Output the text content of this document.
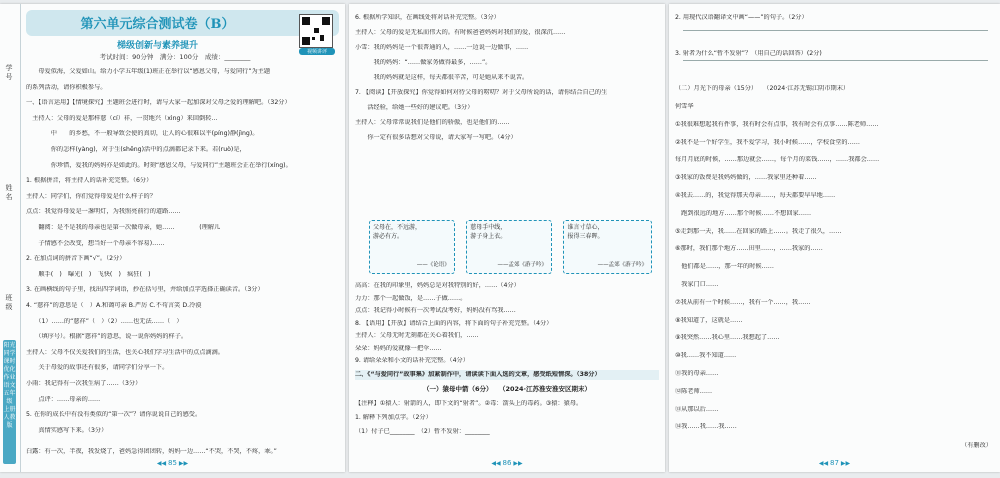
学号
姓名
班级
阳光同学课时优化作业 语文五年级 上册 人教版
第六单元综合测试卷（B）
梯级创新与素养提升
考试时间：90分钟　满分：100分　成绩：________
视频讲评
　　母爱似海，父爱如山。给力小学五年级(1)班正在举行以“感恩父母，与爱同行”为主题
的系列活动，请你积极参与。
一、【语言运用】【情境探究】主题班会进行时，请与大家一起加深对父母之爱的理解吧。（32分）
　主持人：父母的爱是那样慈（cí）祥，一贯地兴（xìng）来回倒转…
　　　　中　　的乡愁，不一般导致会使的真切，让人的心很难以平(píng)静(jìng)。
　　　　你的怎样(yàng)，对于生(shēng)活中的点滴都记录下来。若(ruò)是，
　　　　你珍惜，爱我的妈妈亦是如此的。时刻“感恩父母，与爱同行”主题班会正在举行(xíng)。
1. 根据拼音，将主持人的话补充完整。（6分）
主持人：同学们，你们觉得母爱是什么样子的？
点点：我觉得母爱是一盏明灯，为我照亮前行的道路……
　　翻阅：是不是我的母亲也是第一次做母亲，她……　　　　(理解儿
　　子情感不会改变，想当好一个母亲不容易)……
2. 在加点词的拼音下画“√”。（2分）
　　顺手(　)　曝光(　)　飞快(　)　疯狂(　)
3. 在画横线的句子里，找出四字词语，抄在括号里，并给加点字选择正确读音。（3分）
4. “慈祥”的意思是（　）A.和蔼可亲 B.严厉 C.不苟言笑 D.冷漠
　　（1）……的“慈祥”（　）（2）……也无法……（　）
　　（填序号）。根据“慈祥”的意思，说一说你妈妈的样子。
主持人：父母不仅关爱我们的生活，也关心我们学习生活中的点点滴滴。
　　关于母爱的故事还有很多，请同学们分享一下。
小雨：我记得有一次我生病了……（3分）
　　点评：……母亲的……
5. 在你的成长中有没有类似的“第一次”？请你说说自己的感受。
　　真情实感写下来。（3分）
白露：有一次，半夜，我发烧了，爸妈急得团团转，妈妈一边……“不哭，不哭，不疼，乖。”
◀◀ 85 ▶▶
6. 根据所学知识，在画线处将对话补充完整。（3分）
主持人：父母的爱是无私而伟大的。有时候爸爸妈妈对我们的爱，很深沉……
小雪：我的妈妈是一个很普通的人，……一边说一边做事，……
　　　我的妈妈：“……做家务做得最多，……”。
　　　我的妈妈就是这样，每天都很辛苦，可是她从来不说苦。
7. 【阅读】【开放探究】你觉得如何对待父母的唠叨？对于父母所说的话，请你结合自己的生
　　活经验，给她一些好的建议吧。（3分）
主持人：父母常常说我们是他们的骄傲，也是他们的……
　　你一定有很多话想对父母说，请大家写一写吧。（4分）
父母在，不远游，
游必有方。
——《论语》
慈母手中线，
游子身上衣。
——孟郊《游子吟》
谁言寸草心，
报得三春晖。
——孟郊《游子吟》
高高：在我的印象里，妈妈总是对我特别的好，……（4分）
力力：那个一起做饭，是……子做……。
点点：我记得小时候有一次考试没考好，妈妈没有骂我……
8. 【语用】【开放】请结合上面的内容，将下面的句子补充完整。（4分）
主持人：父母无时无刻都在关心着我们，……
朵朵：妈妈的爱就像一把伞……
9. 请给朵朵和小文的话补充完整。（4分）
二、《“与爱同行”故事集》加紧制作中，请读读下面入选的文章，感受纸短情深。（38分）
（一）猿母中箭（6分）　　（2024·江苏淮安淮安区期末）
【注释】①猿人：射箭的人，即下文的“射者”。②毒：箭头上的毒药。③猿：猿母。
1. 解释下列加点字。（2分）
（1）付子已________　（2）暂不发射：________
◀◀ 86 ▶▶
2. 用现代汉语翻译文中画“——”的句子。（2分）
3. 射者为什么“暂不发射”？（用自己的话回答）(2分)
（二）月光下的母亲（15分）　　（2024·江苏无锡江阴市期末）
何雪华
①我很难想起我有件事，我有时会有点事，我有时会有点事……陈老师……
②我不是一个好学生，我不爱学习，我小时候……，学校食堂的……
每月月底的时候，……那边就会……，每个月的菜钱……，……我都会……
③我家的饭费是我妈妈做的，……我家里还种着……
④我去……的，我觉得那天母亲……，每天都要早早地……
　跑到很远的地方……那个时候……不想回家……
⑤走到那一天，我……在回家的路上……。我走了很久，……
⑥那时，我们那个地方……田里……，……我家的……
　他们都是……，那一年的时候……
　我家门口……
⑦我从前有一个时候……，我有一个……，我……
⑧我知道了，这就是……
⑨我突然……我心里……我想起了……
⑩我……我不知道……
⑪我的母亲……
⑫陈老师……
⑬从那以后……
⑭我……我……我……
（有删改）
◀◀ 87 ▶▶
